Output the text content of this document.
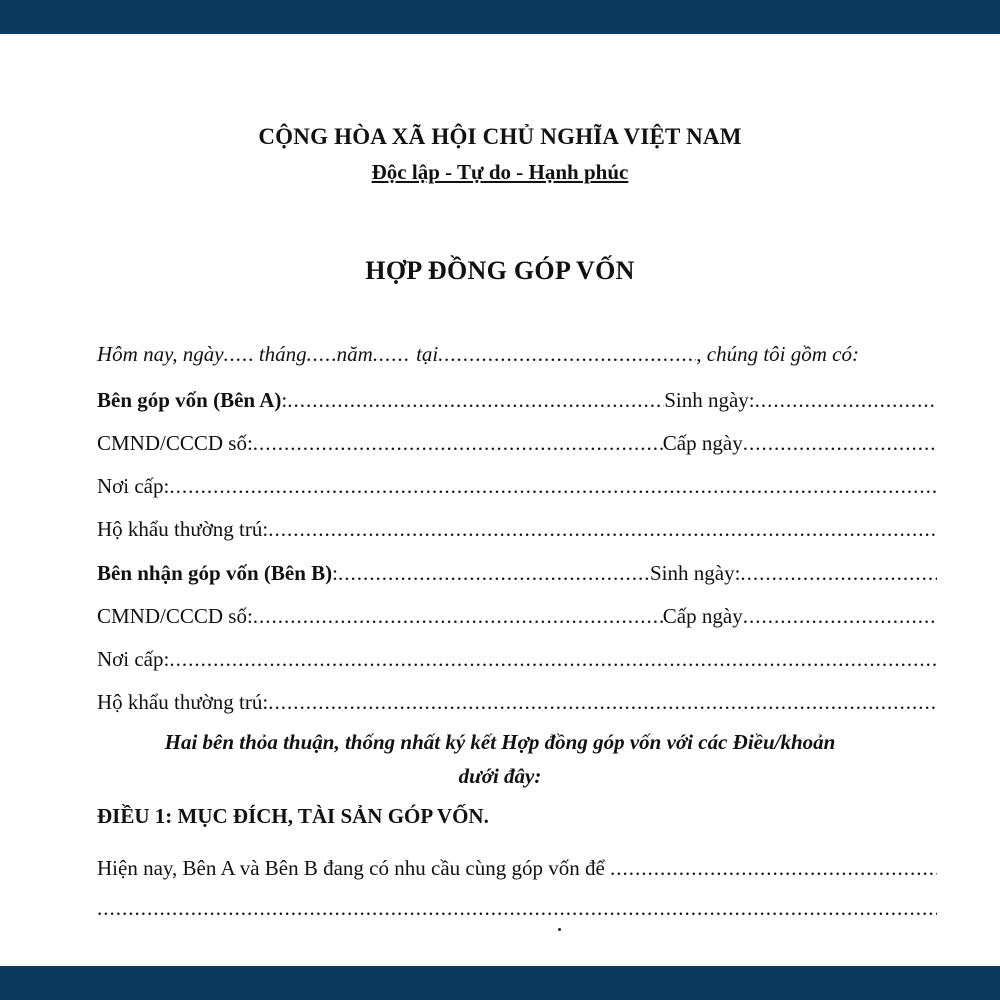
CỘNG HÒA XÃ HỘI CHỦ NGHĨA VIỆT NAM
Độc lập - Tự do - Hạnh phúc
HỢP ĐỒNG GÓP VỐN
Hôm nay, ngày .....
tháng ..... năm .....
tại .....	, chúng tôi gồm có:
Bên góp vốn (Bên A) : .....	Sinh ngày:
.....
CMND/CCCD số: .....	Cấp ngày
.....
Nơi cấp:
.....
Hộ khẩu thường trú:
.....
Bên nhận góp vốn (Bên B) : .....	Sinh ngày:
.....
CMND/CCCD số: .....	Cấp ngày
.....
Nơi cấp:
.....
Hộ khẩu thường trú:
.....
Hai bên thỏa thuận, thống nhất ký kết Hợp đồng góp vốn với các Điều/khoản
dưới đây:
ĐIỀU 1: MỤC ĐÍCH, TÀI SẢN GÓP VỐN.
Hiện nay, Bên A và Bên B đang có nhu cầu cùng góp vốn để

.....
.....
